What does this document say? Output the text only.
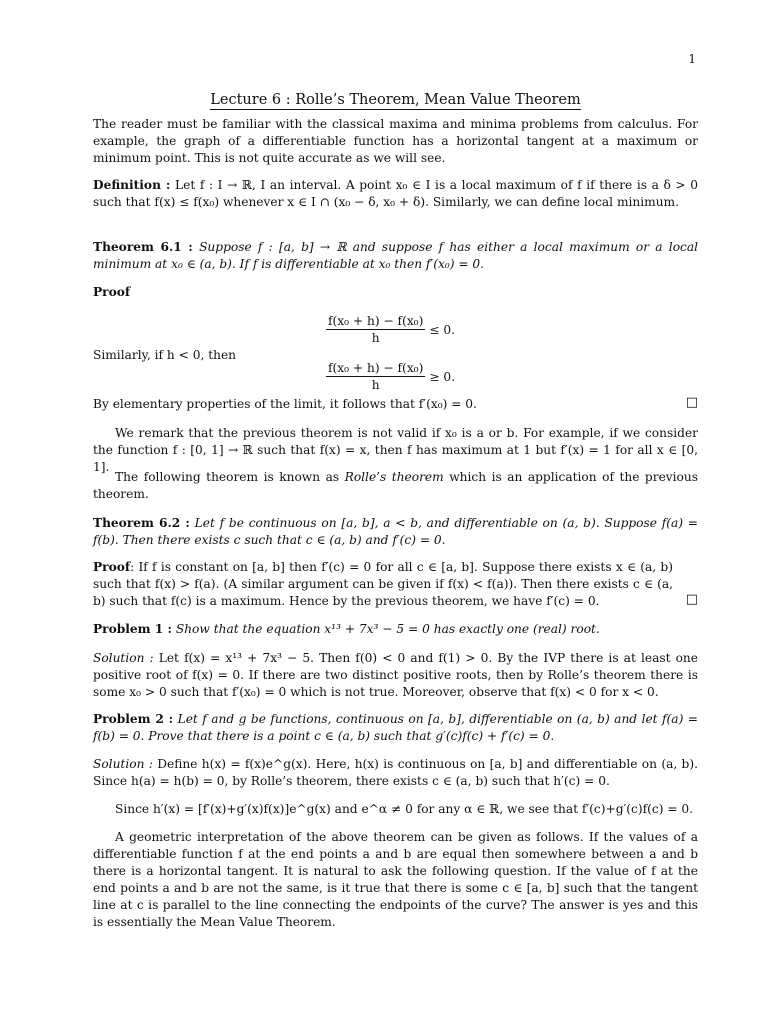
1
Lecture 6 : Rolle’s Theorem, Mean Value Theorem
The reader must be familiar with the classical maxima and minima problems from calculus. For example, the graph of a differentiable function has a horizontal tangent at a maximum or minimum point. This is not quite accurate as we will see.
Definition : Let f : I → ℝ, I an interval. A point x₀ ∈ I is a local maximum of f if there is a δ > 0 such that f(x) ≤ f(x₀) whenever x ∈ I ∩ (x₀ − δ, x₀ + δ). Similarly, we can define local minimum.
Theorem 6.1 : Suppose f : [a, b] → ℝ and suppose f has either a local maximum or a local minimum at x₀ ∈ (a, b). If f is differentiable at x₀ then f′(x₀) = 0.
Proof
$\frac{\text{f(x₀ + h) − f(x₀)}}{h} \le 0$.
Similarly, if h < 0, then
$\frac{\text{f(x₀ + h) − f(x₀)}}{h} \ge 0$.
By elementary properties of the limit, it follows that f′(x₀) = 0.	□
We remark that the previous theorem is not valid if x₀ is a or b. For example, if we consider the function f : [0, 1] → ℝ such that f(x) = x, then f has maximum at 1 but f′(x) = 1 for all x ∈ [0, 1].
The following theorem is known as Rolle’s theorem which is an application of the previous theorem.
Theorem 6.2 : Let f be continuous on [a, b], a < b, and differentiable on (a, b). Suppose f(a) = f(b). Then there exists c such that c ∈ (a, b) and f′(c) = 0.
Proof: If f is constant on [a, b] then f′(c) = 0 for all c ∈ [a, b]. Suppose there exists x ∈ (a, b) such that f(x) > f(a). (A similar argument can be given if f(x) < f(a)). Then there exists c ∈ (a, b) such that f(c) is a maximum. Hence by the previous theorem, we have f′(c) = 0.	□
Problem 1 : Show that the equation x¹³ + 7x³ − 5 = 0 has exactly one (real) root.
Solution : Let f(x) = x¹³ + 7x³ − 5. Then f(0) < 0 and f(1) > 0. By the IVP there is at least one positive root of f(x) = 0. If there are two distinct positive roots, then by Rolle’s theorem there is some x₀ > 0 such that f′(x₀) = 0 which is not true. Moreover, observe that f(x) < 0 for x < 0.
Problem 2 : Let f and g be functions, continuous on [a, b], differentiable on (a, b) and let f(a) = f(b) = 0. Prove that there is a point c ∈ (a, b) such that g′(c)f(c) + f′(c) = 0.
Solution : Define h(x) = f(x)e^g(x). Here, h(x) is continuous on [a, b] and differentiable on (a, b). Since h(a) = h(b) = 0, by Rolle’s theorem, there exists c ∈ (a, b) such that h′(c) = 0.
Since h′(x) = [f′(x)+g′(x)f(x)]e^g(x) and e^α ≠ 0 for any α ∈ ℝ, we see that f′(c)+g′(c)f(c) = 0.
A geometric interpretation of the above theorem can be given as follows. If the values of a differentiable function f at the end points a and b are equal then somewhere between a and b there is a horizontal tangent. It is natural to ask the following question. If the value of f at the end points a and b are not the same, is it true that there is some c ∈ [a, b] such that the tangent line at c is parallel to the line connecting the endpoints of the curve? The answer is yes and this is essentially the Mean Value Theorem.
